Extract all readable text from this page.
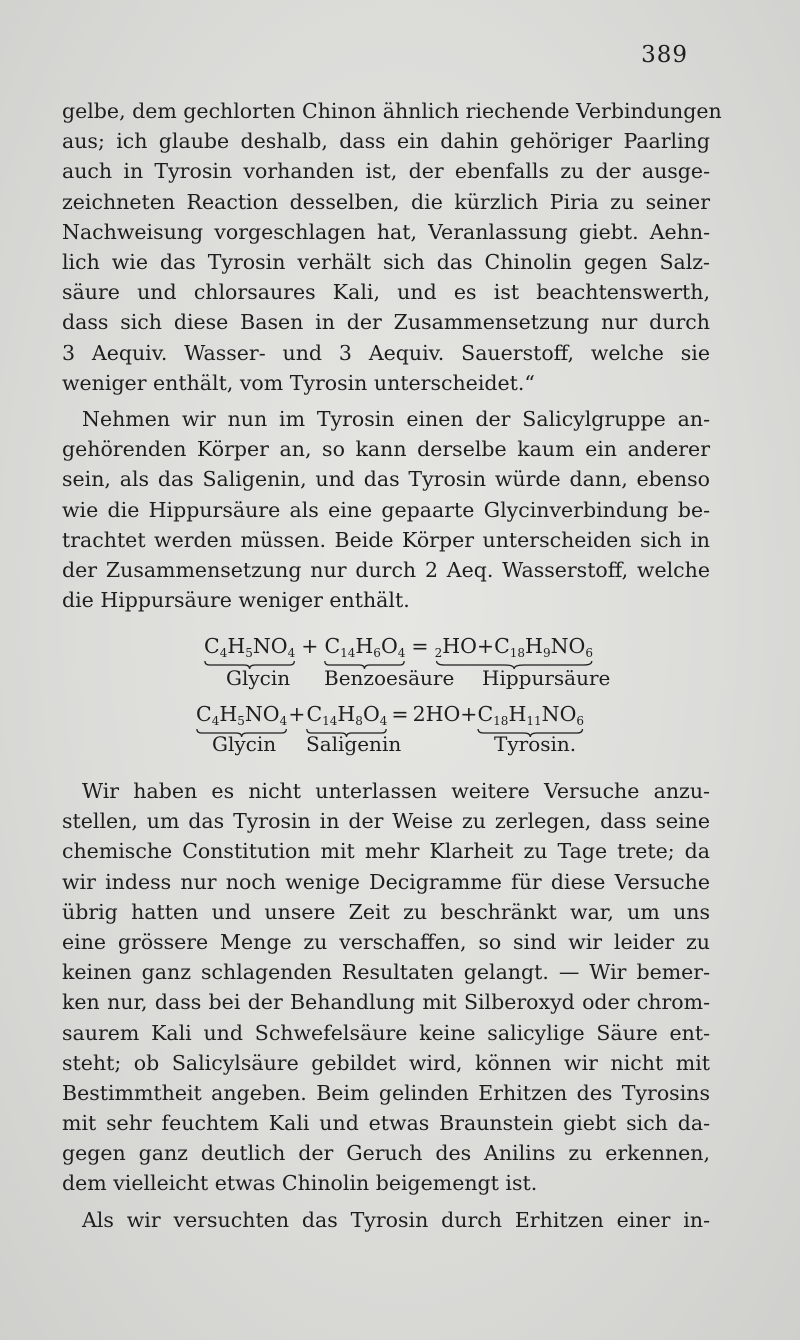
389
gelbe, dem gechlorten Chinon ähnlich riechende Verbindungen
aus; ich glaube deshalb, dass ein dahin gehöriger Paarling
auch in Tyrosin vorhanden ist, der ebenfalls zu der ausge-
zeichneten Reaction desselben, die kürzlich Piria zu seiner
Nachweisung vorgeschlagen hat, Veranlassung giebt. Aehn-
lich wie das Tyrosin verhält sich das Chinolin gegen Salz-
säure und chlorsaures Kali, und es ist beachtenswerth,
dass sich diese Basen in der Zusammensetzung nur durch
3 Aequiv. Wasser- und 3 Aequiv. Sauerstoff, welche sie
weniger enthält, vom Tyrosin unterscheidet.“
Nehmen wir nun im Tyrosin einen der Salicylgruppe an-
gehörenden Körper an, so kann derselbe kaum ein anderer
sein, als das Saligenin, und das Tyrosin würde dann, ebenso
wie die Hippursäure als eine gepaarte Glycinverbindung be-
trachtet werden müssen. Beide Körper unterscheiden sich in
der Zusammensetzung nur durch 2 Aeq. Wasserstoff, welche
die Hippursäure weniger enthält.
$C_4H_5NO_4 + C_{14}H_6O_4 = _2HO+C_{18}H_9NO_6$
Glycin Benzoesäure Hippursäure
$C_4H_5NO_4$
$+C_{14}H_8O_4 = 2HO+C_{18}H_{11}NO_6$
Glycin Saligenin	Tyrosin.
Wir haben es nicht unterlassen weitere Versuche anzu-
stellen, um das Tyrosin in der Weise zu zerlegen, dass seine
chemische Constitution mit mehr Klarheit zu Tage trete; da
wir indess nur noch wenige Decigramme für diese Versuche
übrig hatten und unsere Zeit zu beschränkt war, um uns
eine grössere Menge zu verschaffen, so sind wir leider zu
keinen ganz schlagenden Resultaten gelangt. — Wir bemer-
ken nur, dass bei der Behandlung mit Silberoxyd oder chrom-
saurem Kali und Schwefelsäure keine salicylige Säure ent-
steht; ob Salicylsäure gebildet wird, können wir nicht mit
Bestimmtheit angeben. Beim gelinden Erhitzen des Tyrosins
mit sehr feuchtem Kali und etwas Braunstein giebt sich da-
gegen ganz deutlich der Geruch des Anilins zu erkennen,
dem vielleicht etwas Chinolin beigemengt ist.
Als wir versuchten das Tyrosin durch Erhitzen einer in-
